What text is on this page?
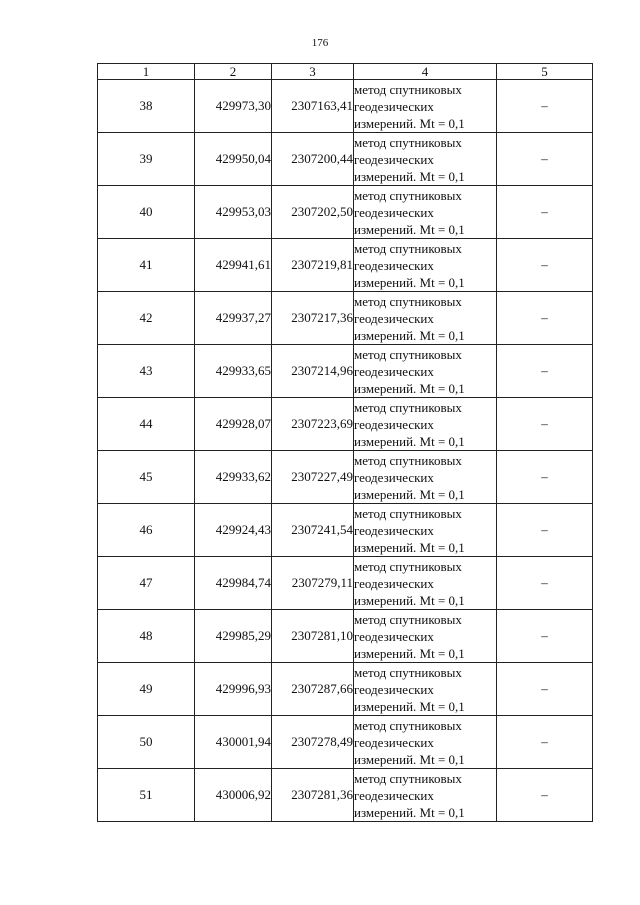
176
1	2	3	4	5
38	429973,30	2307163,41	метод спутниковых
геодезических
измерений. Mt = 0,1	–
39	429950,04	2307200,44	метод спутниковых
геодезических
измерений. Mt = 0,1	–
40	429953,03	2307202,50	метод спутниковых
геодезических
измерений. Mt = 0,1	–
41	429941,61	2307219,81	метод спутниковых
геодезических
измерений. Mt = 0,1	–
42	429937,27	2307217,36	метод спутниковых
геодезических
измерений. Mt = 0,1	–
43	429933,65	2307214,96	метод спутниковых
геодезических
измерений. Mt = 0,1	–
44	429928,07	2307223,69	метод спутниковых
геодезических
измерений. Mt = 0,1	–
45	429933,62	2307227,49	метод спутниковых
геодезических
измерений. Mt = 0,1	–
46	429924,43	2307241,54	метод спутниковых
геодезических
измерений. Mt = 0,1	–
47	429984,74	2307279,11	метод спутниковых
геодезических
измерений. Mt = 0,1	–
48	429985,29	2307281,10	метод спутниковых
геодезических
измерений. Mt = 0,1	–
49	429996,93	2307287,66	метод спутниковых
геодезических
измерений. Mt = 0,1	–
50	430001,94	2307278,49	метод спутниковых
геодезических
измерений. Mt = 0,1	–
51	430006,92	2307281,36	метод спутниковых
геодезических
измерений. Mt = 0,1	–
